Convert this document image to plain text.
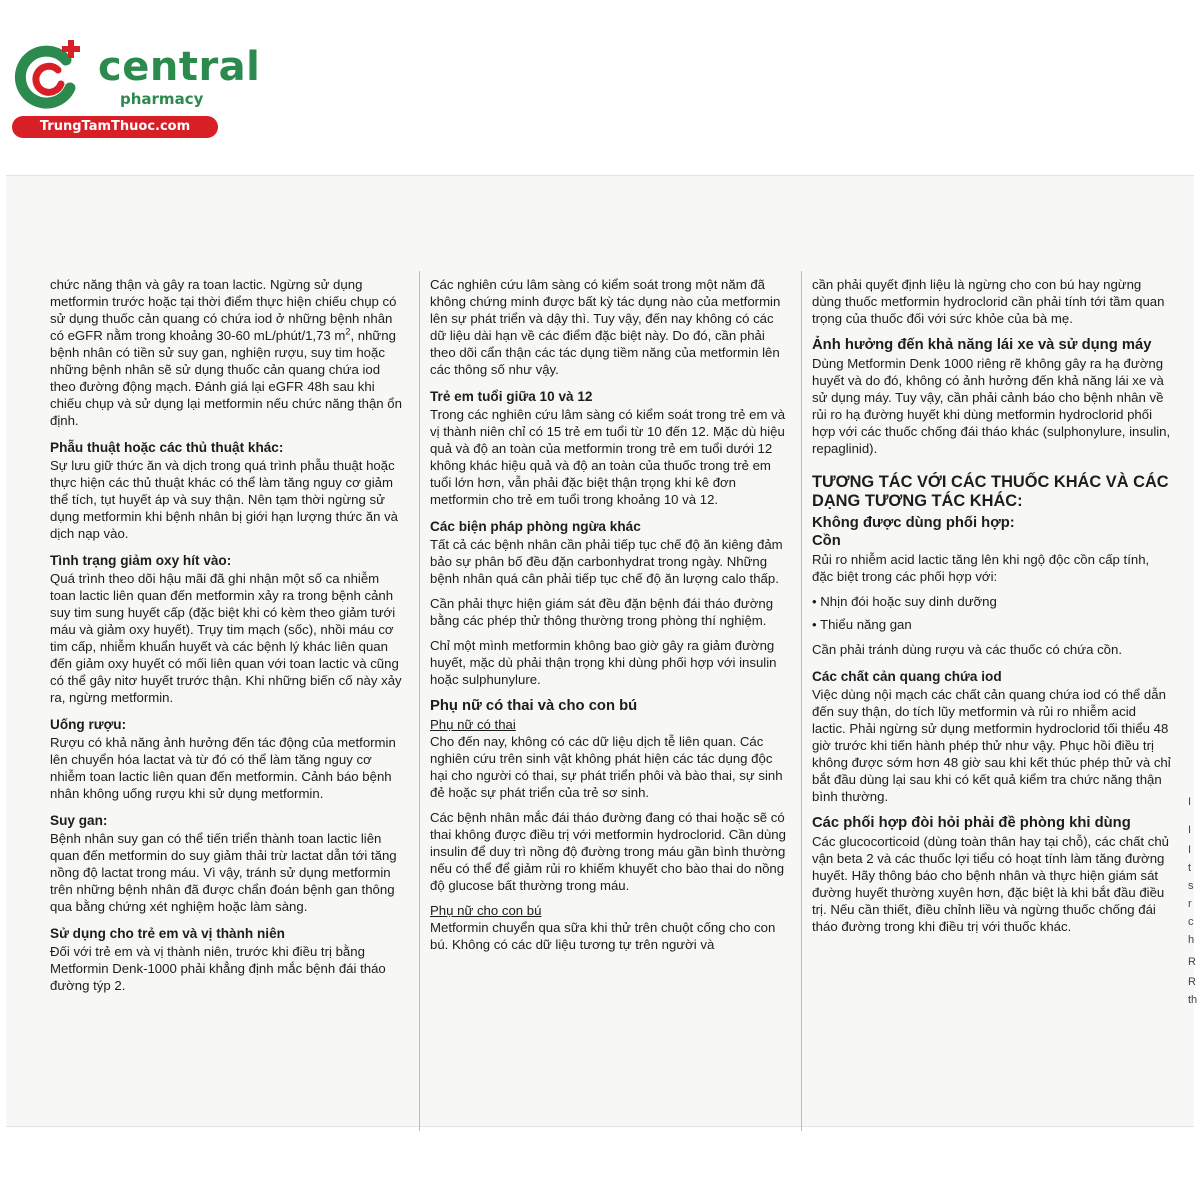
central
pharmacy
TrungTamThuoc.com

chức năng thận và gây ra toan lactic. Ngừng sử dụng metformin trước hoặc tại thời điểm thực hiện chiếu chụp có sử dụng thuốc cản quang có chứa iod ở những bệnh nhân có eGFR nằm trong khoảng 30-60 mL/phút/1,73 $m^2$, những bệnh nhân có tiền sử suy gan, nghiện rượu, suy tim hoặc những bệnh nhân sẽ sử dụng thuốc cản quang chứa iod theo đường động mạch. Đánh giá lại eGFR 48h sau khi chiếu chụp và sử dụng lại metformin nếu chức năng thận ổn định.

Phẫu thuật hoặc các thủ thuật khác:

Sự lưu giữ thức ăn và dịch trong quá trình phẫu thuật hoặc thực hiện các thủ thuật khác có thể làm tăng nguy cơ giảm thể tích, tụt huyết áp và suy thận. Nên tạm thời ngừng sử dụng metformin khi bệnh nhân bị giới hạn lượng thức ăn và dịch nạp vào.

Tình trạng giảm oxy hít vào:

Quá trình theo dõi hậu mãi đã ghi nhận một số ca nhiễm toan lactic liên quan đến metformin xảy ra trong bệnh cảnh suy tim sung huyết cấp (đặc biệt khi có kèm theo giảm tưới máu và giảm oxy huyết). Trụy tim mạch (sốc), nhồi máu cơ tim cấp, nhiễm khuẩn huyết và các bệnh lý khác liên quan đến giảm oxy huyết có mối liên quan với toan lactic và cũng có thể gây nitơ huyết trước thận. Khi những biến cố này xảy ra, ngừng metformin.

Uống rượu:

Rượu có khả năng ảnh hưởng đến tác động của metformin lên chuyển hóa lactat và từ đó có thể làm tăng nguy cơ nhiễm toan lactic liên quan đến metformin. Cảnh báo bệnh nhân không uống rượu khi sử dụng metformin.

Suy gan:

Bệnh nhân suy gan có thể tiến triển thành toan lactic liên quan đến metformin do suy giảm thải trừ lactat dẫn tới tăng nồng độ lactat trong máu. Vì vậy, tránh sử dụng metformin trên những bệnh nhân đã được chẩn đoán bệnh gan thông qua bằng chứng xét nghiệm hoặc làm sàng.

Sử dụng cho trẻ em và vị thành niên

Đối với trẻ em và vị thành niên, trước khi điều trị bằng Metformin Denk-1000 phải khẳng định mắc bệnh đái tháo đường týp 2.

Các nghiên cứu lâm sàng có kiểm soát trong một năm đã không chứng minh được bất kỳ tác dụng nào của metformin lên sự phát triển và dậy thì. Tuy vậy, đến nay không có các dữ liệu dài hạn về các điểm đặc biệt này. Do đó, cần phải theo dõi cẩn thận các tác dụng tiềm năng của metformin lên các thông số như vậy.

Trẻ em tuổi giữa 10 và 12

Trong các nghiên cứu lâm sàng có kiểm soát trong trẻ em và vị thành niên chỉ có 15 trẻ em tuổi từ 10 đến 12. Mặc dù hiệu quả và độ an toàn của metformin trong trẻ em tuổi dưới 12 không khác hiệu quả và độ an toàn của thuốc trong trẻ em tuổi lớn hơn, vẫn phải đặc biệt thận trọng khi kê đơn metformin cho trẻ em tuổi trong khoảng 10 và 12.

Các biện pháp phòng ngừa khác

Tất cả các bệnh nhân cần phải tiếp tục chế độ ăn kiêng đảm bảo sự phân bố đều đặn carbonhydrat trong ngày. Những bệnh nhân quá cân phải tiếp tục chế độ ăn lượng calo thấp.

Cần phải thực hiện giám sát đều đặn bệnh đái tháo đường bằng các phép thử thông thường trong phòng thí nghiệm.

Chỉ một mình metformin không bao giờ gây ra giảm đường huyết, mặc dù phải thận trọng khi dùng phối hợp với insulin hoặc sulphunylure.

Phụ nữ có thai và cho con bú

Phụ nữ có thai

Cho đến nay, không có các dữ liệu dịch tễ liên quan. Các nghiên cứu trên sinh vật không phát hiện các tác dụng độc hại cho người có thai, sự phát triển phôi và bào thai, sự sinh đẻ hoặc sự phát triển của trẻ sơ sinh.

Các bệnh nhân mắc đái tháo đường đang có thai hoặc sẽ có thai không được điều trị với metformin hydroclorid. Cần dùng insulin để duy trì nồng độ đường trong máu gần bình thường nếu có thể để giảm rủi ro khiếm khuyết cho bào thai do nồng độ glucose bất thường trong máu.

Phụ nữ cho con bú

Metformin chuyển qua sữa khi thử trên chuột cống cho con bú. Không có các dữ liệu tương tự trên người và

cần phải quyết định liệu là ngừng cho con bú hay ngừng dùng thuốc metformin hydroclorid cần phải tính tới tầm quan trọng của thuốc đối với sức khỏe của bà mẹ.

Ảnh hưởng đến khả năng lái xe và sử dụng máy

Dùng Metformin Denk 1000 riêng rẽ không gây ra hạ đường huyết và do đó, không có ảnh hưởng đến khả năng lái xe và sử dụng máy. Tuy vậy, cần phải cảnh báo cho bệnh nhân về rủi ro hạ đường huyết khi dùng metformin hydroclorid phối hợp với các thuốc chống đái tháo khác (sulphonylure, insulin, repaglinid).

TƯƠNG TÁC VỚI CÁC THUỐC KHÁC VÀ CÁC DẠNG TƯƠNG TÁC KHÁC:
Không được dùng phối hợp:
Cồn

Rủi ro nhiễm acid lactic tăng lên khi ngộ độc cồn cấp tính, đặc biệt trong các phối hợp với:

• Nhịn đói hoặc suy dinh dưỡng
• Thiểu năng gan

Cần phải tránh dùng rượu và các thuốc có chứa cồn.

Các chất cản quang chứa iod

Việc dùng nội mạch các chất cản quang chứa iod có thể dẫn đến suy thận, do tích lũy metformin và rủi ro nhiễm acid lactic. Phải ngừng sử dụng metformin hydroclorid tối thiểu 48 giờ trước khi tiến hành phép thử như vậy. Phục hồi điều trị không được sớm hơn 48 giờ sau khi kết thúc phép thử và chỉ bắt đầu dùng lại sau khi có kết quả kiểm tra chức năng thận bình thường.

Các phối hợp đòi hỏi phải đề phòng khi dùng

Các glucocorticoid (dùng toàn thân hay tại chỗ), các chất chủ vận beta 2 và các thuốc lợi tiểu có hoạt tính làm tăng đường huyết. Hãy thông báo cho bệnh nhân và thực hiện giám sát đường huyết thường xuyên hơn, đặc biệt là khi bắt đầu điều trị. Nếu cần thiết, điều chỉnh liều và ngừng thuốc chống đái tháo đường trong khi điều trị với thuốc khác.

I
I
I
t
s
r
c
h
R
R
th
